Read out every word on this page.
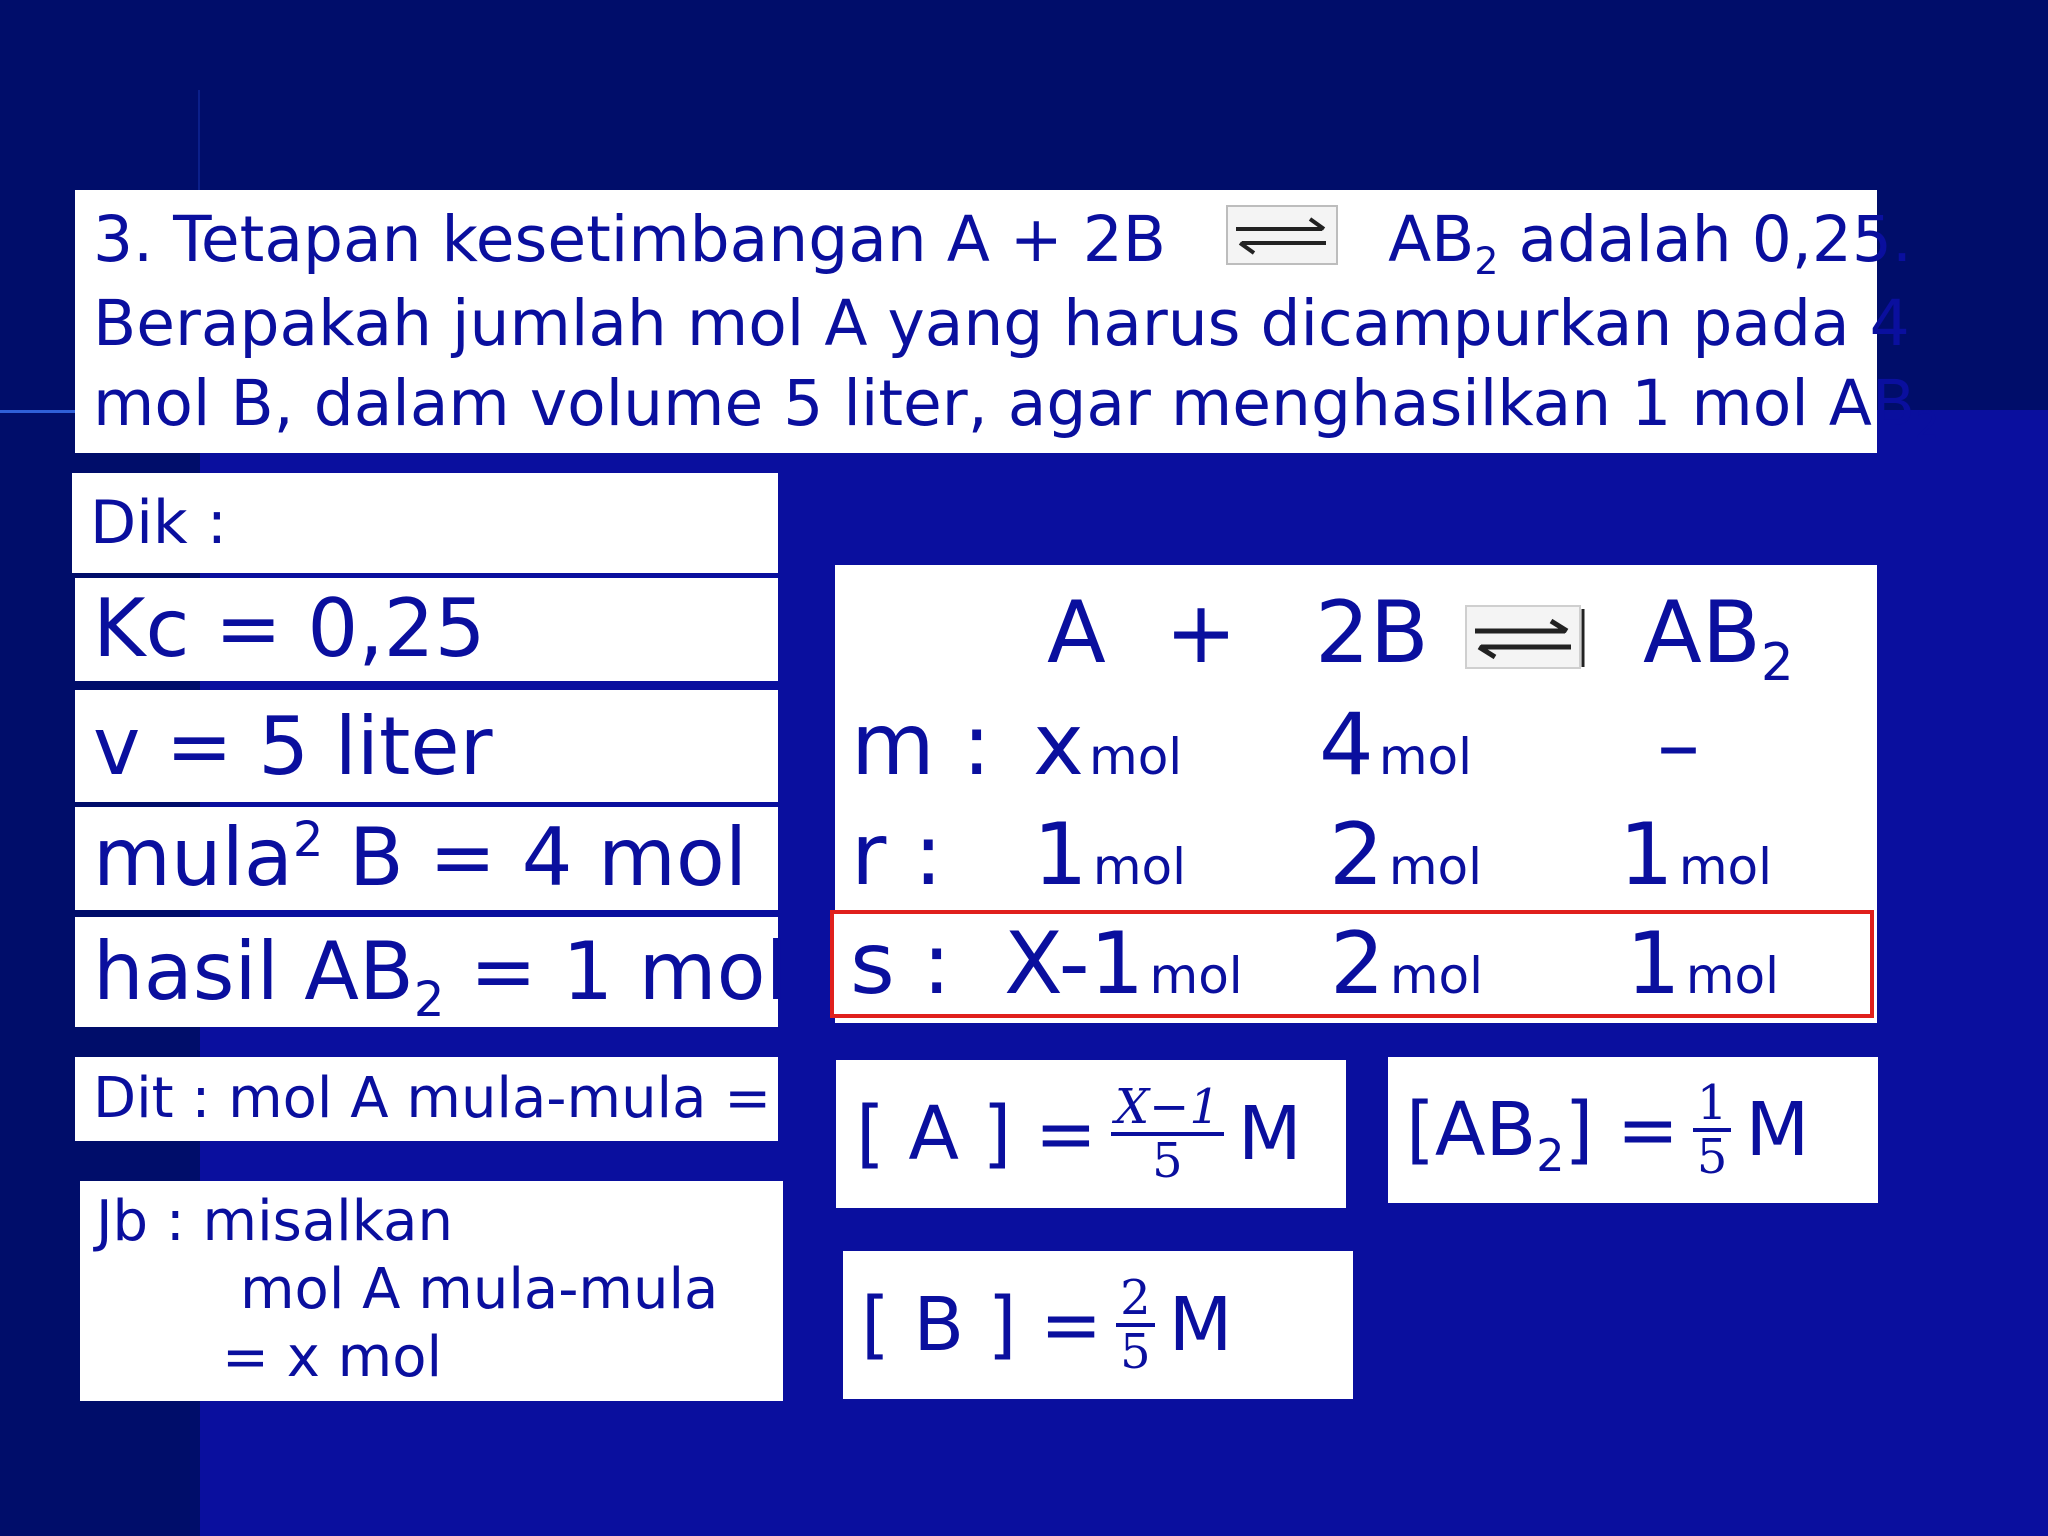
3. Tetapan kesetimbangan A + 2B	$AB_2$ adalah 0,25.
Berapakah jumlah mol A yang harus dicampurkan pada 4
mol B, dalam volume 5 liter, agar menghasilkan 1 mol $AB_2$
Dik :
Kc = 0,25
v = 5 liter
mula$^2$ B = 4 mol
hasil $AB_2 = 1$ mol
Dit : mol A mula-mula =
Jb : misalkan
mol A mula-mula
= x mol
A + 2B $AB_2$
m : x mol 4 mol –
r : 1 mol 2 mol 1 mol
s : X-1 mol 2 mol 1 mol
[ A ] = $\frac{X-1}{5}$ M $[AB_2] = \frac{1}{5}$ M
[ B ] = $\frac{2}{5}$ M
